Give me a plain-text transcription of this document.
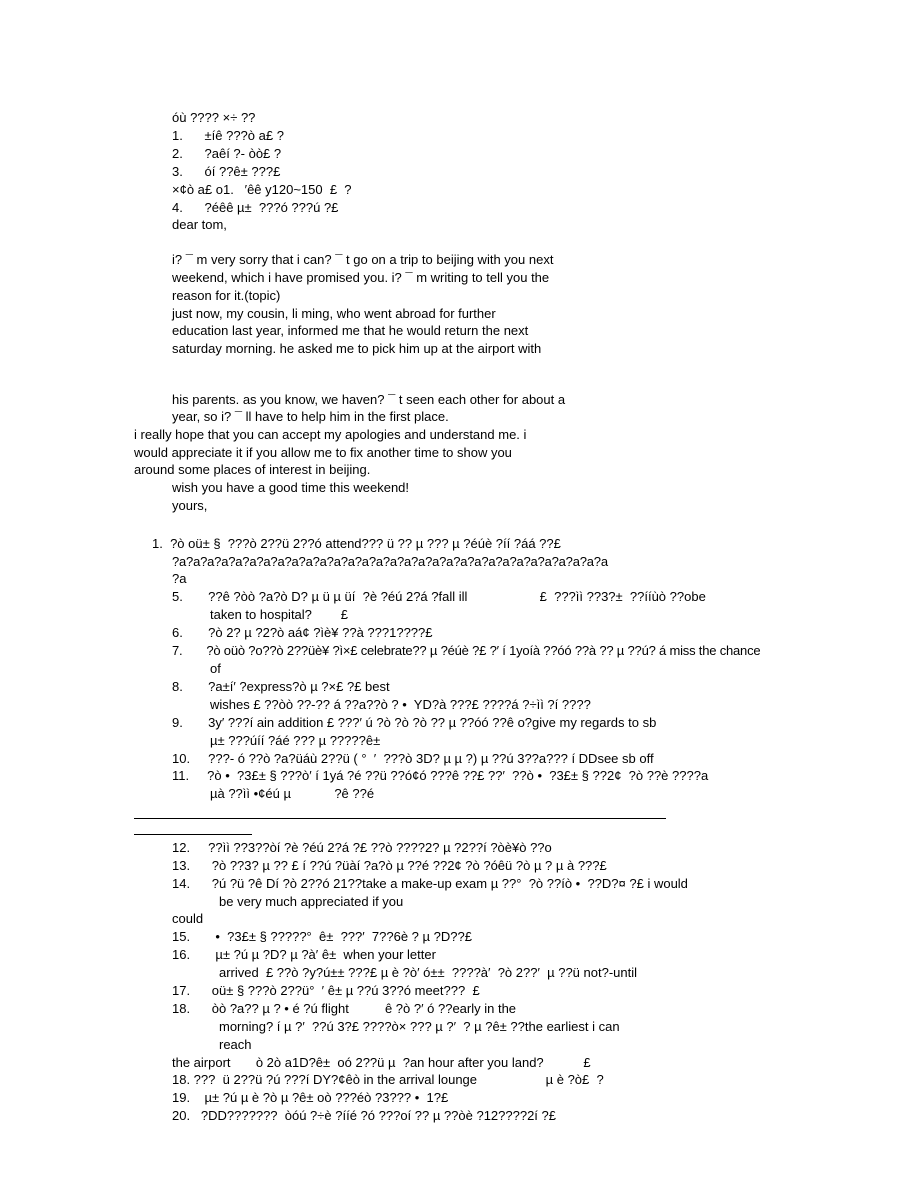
óù ???? ×÷ ??
1.      ±íê ???ò a£ ?
2.      ?aêí ?- òò£ ?
3.      óí ??ê± ???£
×¢ò a£ o1.   ′êê y120~150  £  ?
4.      ?éêê µ±  ???ó ???ú ?£
dear tom,
i? ¯ m very sorry that i can? ¯ t go on a trip to beijing with you next
weekend, which i have promised you. i? ¯ m writing to tell you the
reason for it.(topic)
just now, my cousin, li ming, who went abroad for further
education last year, informed me that he would return the next
saturday morning. he asked me to pick him up at the airport with
his parents. as you know, we haven? ¯ t seen each other for about a
year, so i? ¯ ll have to help him in the first place.
i really hope that you can accept my apologies and understand me. i
would appreciate it if you allow me to fix another time to show you
around some places of interest in beijing.
wish you have a good time this weekend!
yours,
1.  ?ò oü± §  ???ò 2??ü 2??ó attend??? ü ?? µ ??? µ ?éúè ?íí ?áá ??£
?a?a?a?a?a?a?a?a?a?a?a?a?a?a?a?a?a?a?a?a?a?a?a?a?a?a?a?a?a?a?a
?a
5.       ??ê ?òò ?a?ò D? µ ü µ üí  ?è ?éú 2?á ?fall ill                    £  ???ìì ??3?±  ??ííùò ??obe
taken to hospital?        £
6.       ?ò 2? µ ?2?ò aá¢ ?ìè¥ ??à ???1????£
7.       ?ò oüò ?o??ò 2??üè¥ ?ì×£ celebrate?? µ ?éúè ?£ ?′ í 1yoíà ??óó ??à ?? µ ??ú? á miss the chance
of
8.       ?a±í′ ?express?ò µ ?×£ ?£ best
wishes £ ??òò ??-?? á ??a??ò ? •  YD?à ???£ ????á ?÷ìì ?í ????
9.       3y′ ???í ain addition £ ???′ ú ?ò ?ò ?ò ?? µ ??óó ??ê o?give my regards to sb
µ± ???úíí ?áé ??? µ ?????ê±
10.     ???- ó ??ò ?a?üáù 2??ü ( °  ′  ???ò 3D? µ µ ?) µ ??ú 3??a??? í DDsee sb off
11.     ?ò •  ?3£± § ???ò′ í 1yá ?é ??ü ??ó¢ó ???ê ??£ ??′  ??ò •  ?3£± § ??2¢  ?ò ??è ????a
µà ??ìì •¢éú µ            ?ê ??é
12.     ??ìì ??3??òí ?è ?éú 2?á ?£ ??ò ????2? µ ?2??í ?òè¥ò ??o
13.      ?ò ??3? µ ?? £ í ??ú ?üàí ?a?ò µ ??é ??2¢ ?ò ?óêü ?ò µ ? µ à ???£
14.      ?ú ?ü ?ê Dí ?ò 2??ó 21??take a make-up exam µ ??°  ?ò ??íò •  ??D?¤ ?£ i would
be very much appreciated if you
could
15.       •  ?3£± § ?????°  ê±  ???′  7??6è ? µ ?D??£
16.       µ± ?ú µ ?D? µ ?à′ ê±  when your letter
arrived  £ ??ò ?y?ú±± ???£ µ è ?ò′ ó±±  ????à′  ?ò 2??′  µ ??ü not?-until
17.      oü± § ???ò 2??ü°  ′ ê± µ ??ú 3??ó meet???  £
18.      òò ?a?? µ ? • é ?ú flight          ê ?ò ?′ ó ??early in the
morning? í µ ?′  ??ú 3?£ ????ò× ??? µ ?′  ? µ ?ê± ??the earliest i can
reach
the airport       ò 2ò a1D?ê±  oó 2??ü µ  ?an hour after you land?           £
18. ???  ü 2??ü ?ú ???í DY?¢êò in the arrival lounge                   µ è ?ò£  ?
19.    µ± ?ú µ è ?ò µ ?ê± oò ???éò ?3??? •  1?£
20.   ?DD???????  òóú ?÷è ?ííé ?ó ???oí ?? µ ??òè ?12????2í ?£
